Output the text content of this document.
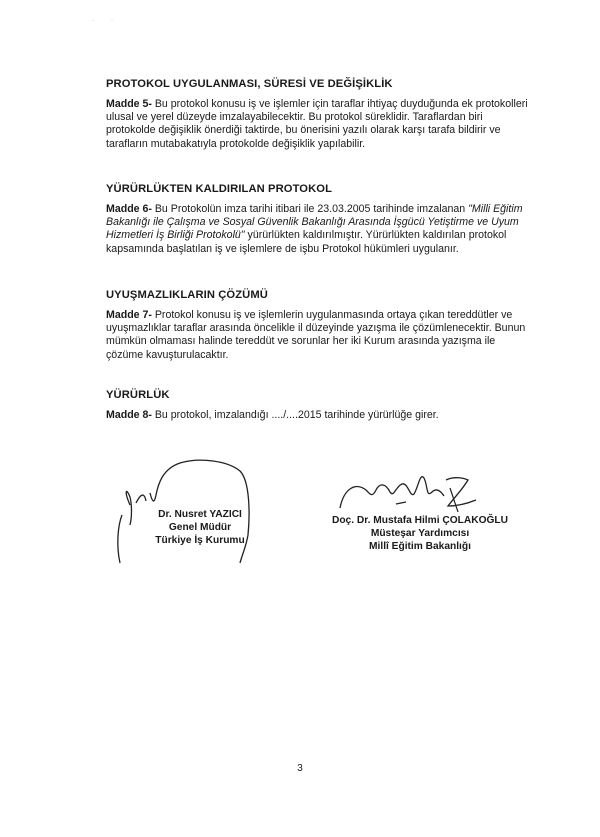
·	·

PROTOKOL UYGULANMASI, SÜRESİ VE DEĞİŞİKLİK

Madde 5- Bu protokol konusu iş ve işlemler için taraflar ihtiyaç duyduğunda ek protokolleri ulusal ve yerel düzeyde imzalayabilecektir. Bu protokol süreklidir. Taraflardan biri protokolde değişiklik önerdiği taktirde, bu önerisini yazılı olarak karşı tarafa bildirir ve tarafların mutabakatıyla protokolde değişiklik yapılabilir.

YÜRÜRLÜKTEN KALDIRILAN PROTOKOL

Madde 6- Bu Protokolün imza tarihi itibari ile 23.03.2005 tarihinde imzalanan "Milli Eğitim Bakanlığı ile Çalışma ve Sosyal Güvenlik Bakanlığı Arasında İşgücü Yetiştirme ve Uyum Hizmetleri İş Birliği Protokolü" yürürlükten kaldırılmıştır. Yürürlükten kaldırılan protokol kapsamında başlatılan iş ve işlemlere de işbu Protokol hükümleri uygulanır.

UYUŞMAZLIKLARIN ÇÖZÜMÜ

Madde 7- Protokol konusu iş ve işlemlerin uygulanmasında ortaya çıkan tereddütler ve uyuşmazlıklar taraflar arasında öncelikle il düzeyinde yazışma ile çözümlenecektir. Bunun mümkün olmaması halinde tereddüt ve sorunlar her iki Kurum arasında yazışma ile çözüme kavuşturulacaktır.

YÜRÜRLÜK

Madde 8- Bu protokol, imzalandığı ..../....2015 tarihinde yürürlüğe girer.

Dr. Nusret YAZICI
Genel Müdür
Türkiye İş Kurumu
Doç. Dr. Mustafa Hilmi ÇOLAKOĞLU
Müsteşar Yardımcısı
Millî Eğitim Bakanlığı
3
